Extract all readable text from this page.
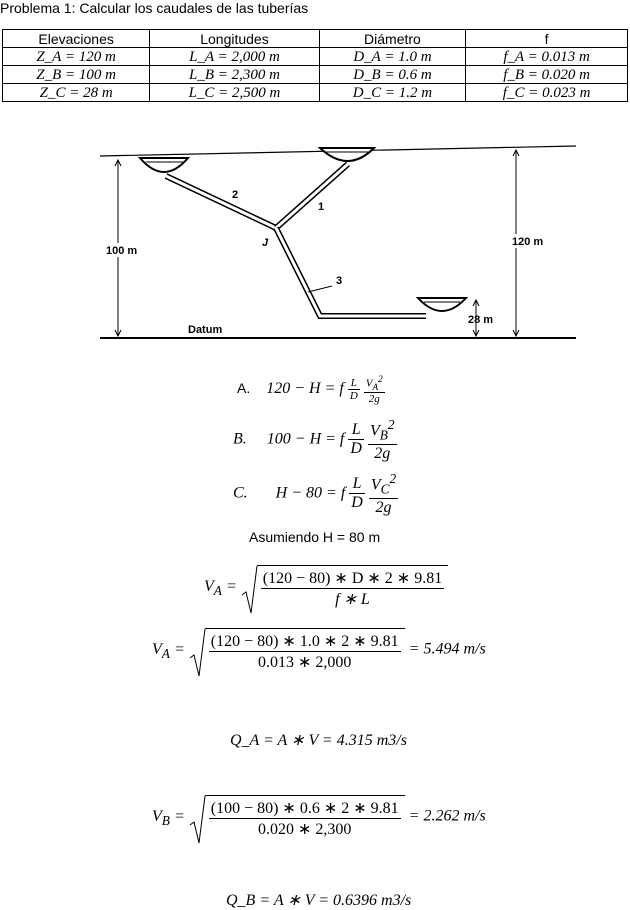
Problema 1: Calcular los caudales de las tuberías
Elevaciones	Longitudes	Diámetro	f
Z_A = 120 m	L_A = 2,000 m	D_A = 1.0 m	f_A = 0.013 m
Z_B = 100 m	L_B = 2,300 m	D_B = 0.6 m	f_B = 0.020 m
Z_C = 28 m	L_C = 2,500 m	D_C = 1.2 m	f_C = 0.023 m
2
1
J
3
100 m
120 m
28 m
Datum
A. 120 − H = f $\frac{L}{D}$
$\frac{V_A^2}{2g}$
B. 100 − H = f $\frac{L}{D}$
$\frac{V_B^2}{2g}$
C. H − 80 = f $\frac{L}{D}$
$\frac{V_C^2}{2g}$
Asumiendo H = 80 m
$V_A = \frac{(120 - 80) ∗ D ∗ 2 ∗ 9.81}{f ∗ L}$
$V_A = \frac{(120 - 80) ∗ 1.0 ∗ 2 ∗ 9.81}{0.013 ∗ 2,000} = 5.494$ m/s
Q_A = A ∗ V = 4.315 m3/s
$V_B = \frac{(100 - 80) ∗ 0.6 ∗ 2 ∗ 9.81}{0.020 ∗ 2,300} = 2.262$ m/s
Q_B = A ∗ V = 0.6396 m3/s
